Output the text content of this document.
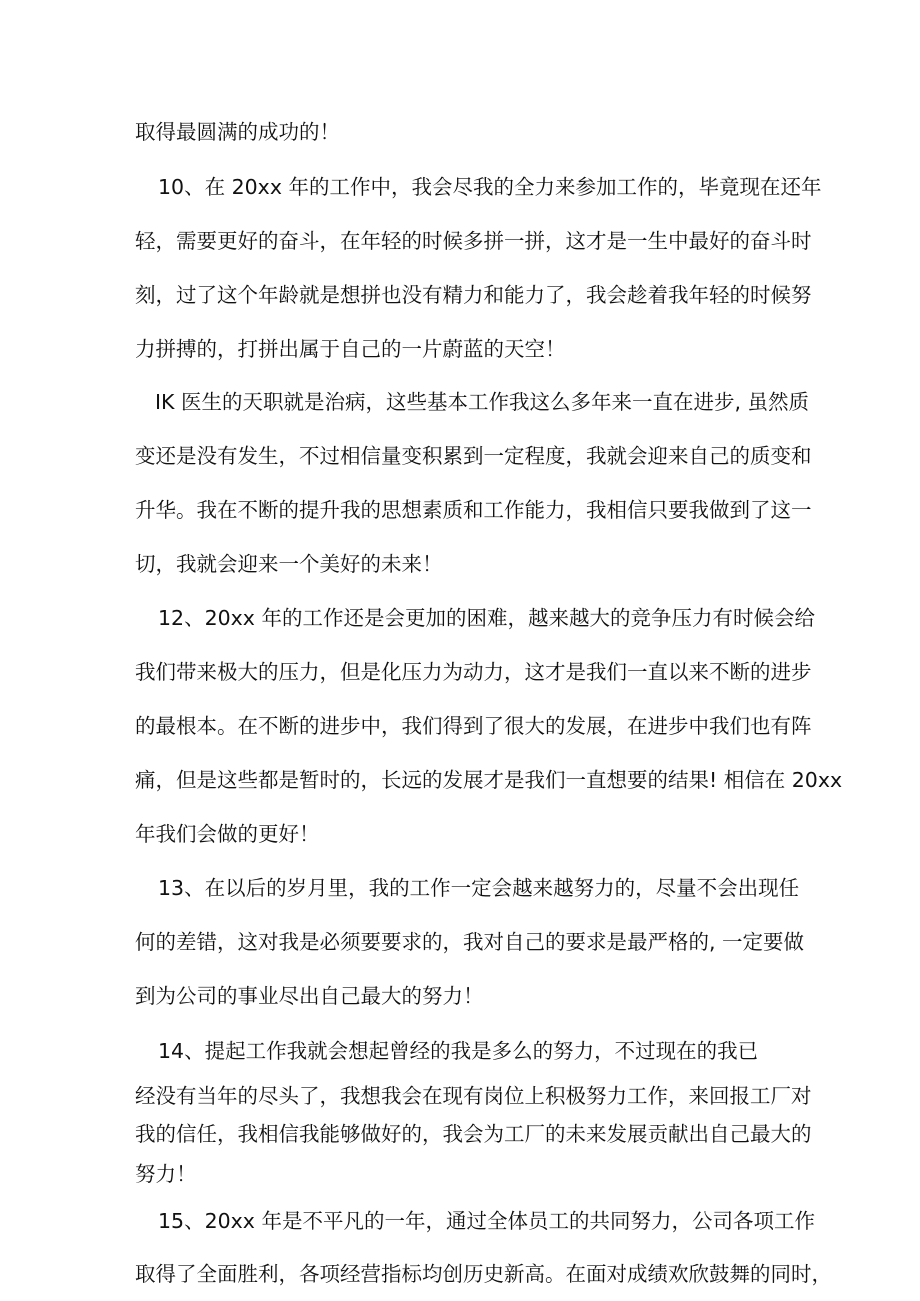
取得最圆满的成功的！
10、在 20xx 年的工作中，我会尽我的全力来参加工作的，毕竟现在还年
轻，需要更好的奋斗，在年轻的时候多拼一拼，这才是一生中最好的奋斗时
刻，过了这个年龄就是想拼也没有精力和能力了，我会趁着我年轻的时候努
力拼搏的，打拼出属于自己的一片蔚蓝的天空！
IK 医生的天职就是治病，这些基本工作我这么多年来一直在进步, 虽然质
变还是没有发生，不过相信量变积累到一定程度，我就会迎来自己的质变和
升华。我在不断的提升我的思想素质和工作能力，我相信只要我做到了这一
切，我就会迎来一个美好的未来！
12、20xx 年的工作还是会更加的困难，越来越大的竞争压力有时候会给
我们带来极大的压力，但是化压力为动力，这才是我们一直以来不断的进步
的最根本。在不断的进步中，我们得到了很大的发展，在进步中我们也有阵
痛，但是这些都是暂时的，长远的发展才是我们一直想要的结果! 相信在 20xx
年我们会做的更好！
13、在以后的岁月里，我的工作一定会越来越努力的，尽量不会出现任
何的差错，这对我是必须要要求的，我对自己的要求是最严格的, 一定要做
到为公司的事业尽出自己最大的努力！
14、提起工作我就会想起曾经的我是多么的努力，不过现在的我已
经没有当年的尽头了，我想我会在现有岗位上积极努力工作，来回报工厂对
我的信任，我相信我能够做好的，我会为工厂的未来发展贡献出自己最大的
努力！
15、20xx 年是不平凡的一年，通过全体员工的共同努力，公司各项工作
取得了全面胜利，各项经营指标均创历史新高。在面对成绩欢欣鼓舞的同时，
